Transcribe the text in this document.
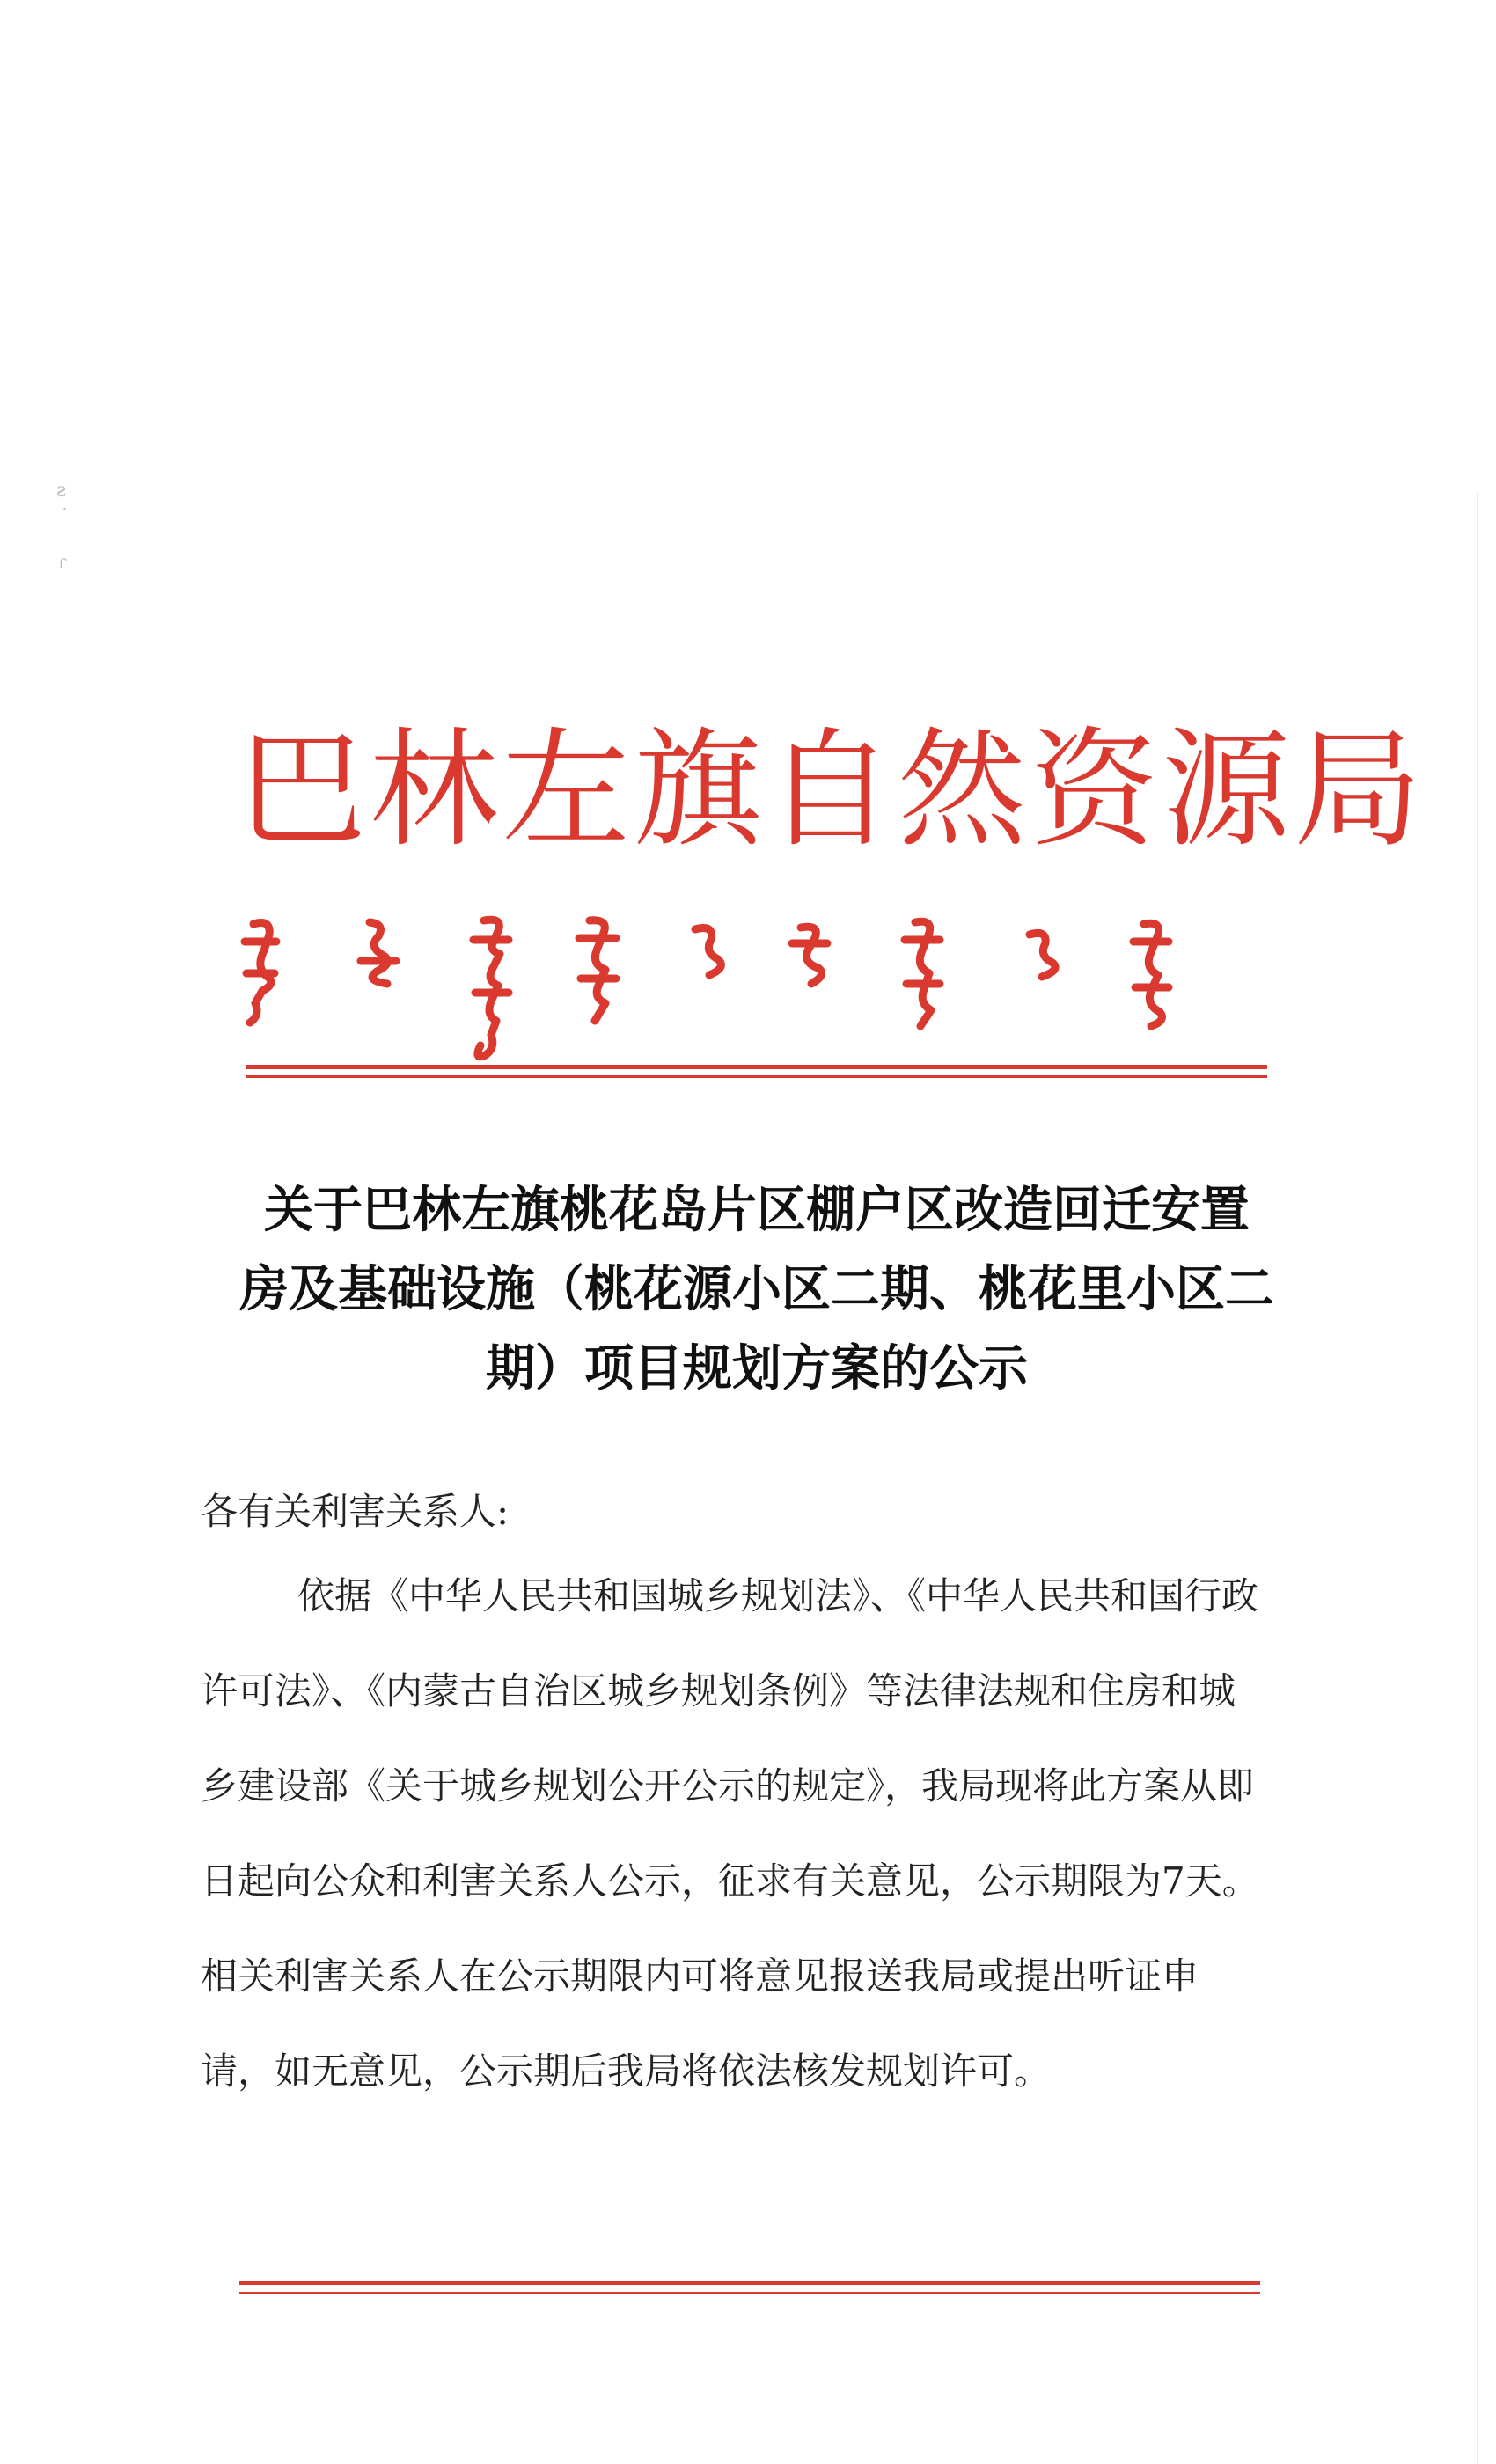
ƨ
˙
ɾ
巴林左旗自然资源局
关于巴林左旗桃花岛片区棚户区改造回迁安置
房及基础设施（桃花源小区二期、桃花里小区二
期）项目规划方案的公示
各有关利害关系人:
依据《中华人民共和国城乡规划法》、《中华人民共和国行政
许可法》、《内蒙古自治区城乡规划条例》等法律法规和住房和城
乡建设部《关于城乡规划公开公示的规定》，我局现将此方案从即
日起向公众和利害关系人公示，征求有关意见，公示期限为7天。
相关利害关系人在公示期限内可将意见报送我局或提出听证申
请，如无意见，公示期后我局将依法核发规划许可。
